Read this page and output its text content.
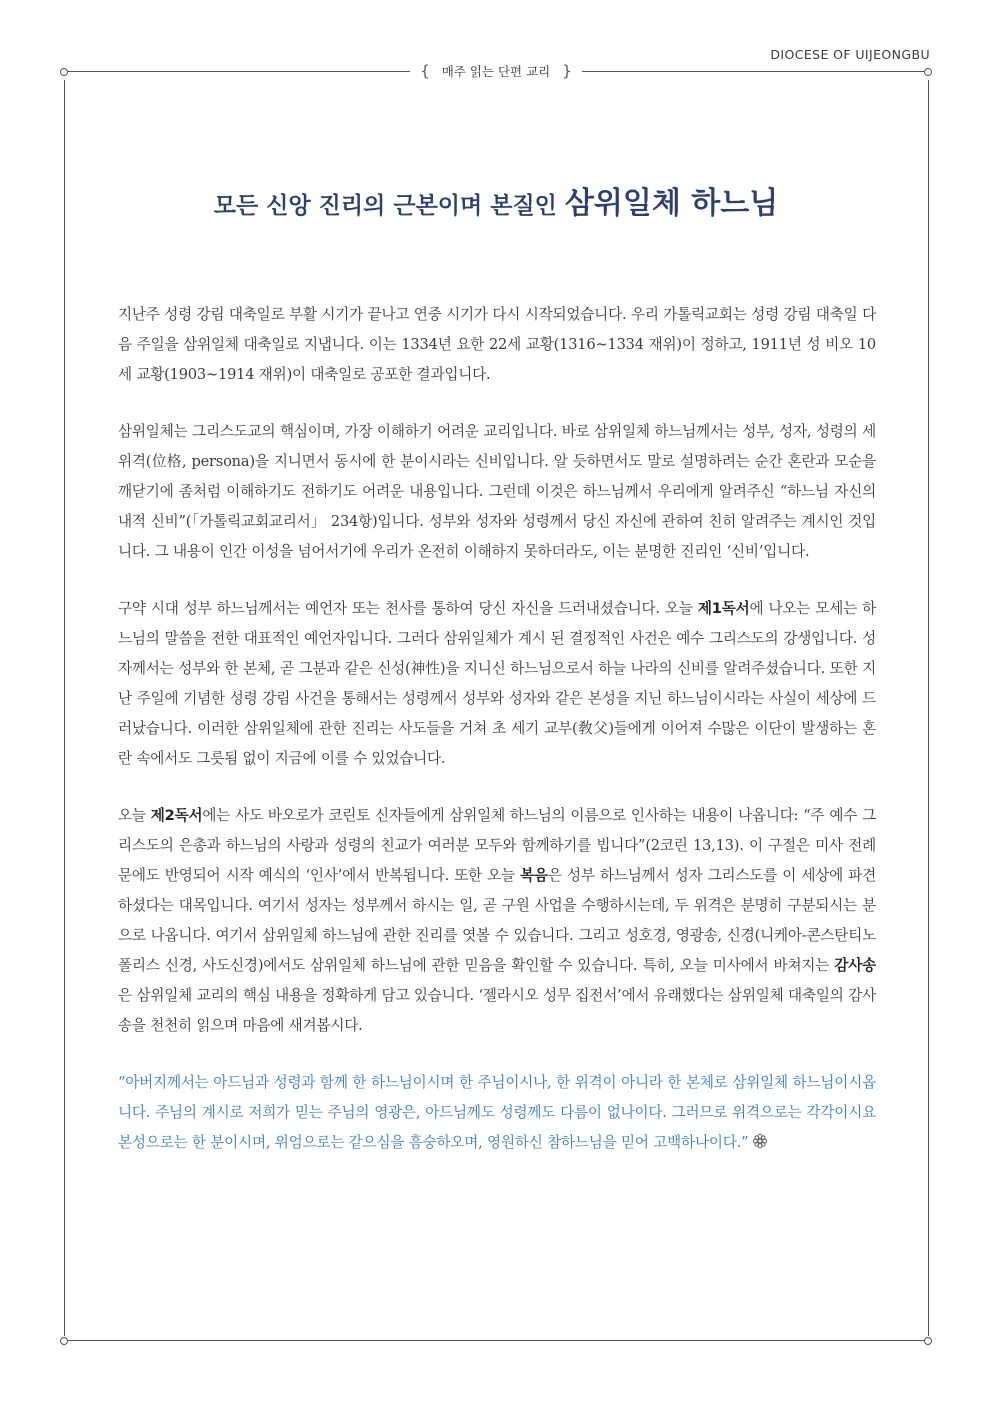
DIOCESE OF UIJEONGBU
{ 매주 읽는 단편 교리 }
모든 신앙 진리의 근본이며 본질인 삼위일체 하느님

지난주 성령 강림 대축일로 부활 시기가 끝나고 연중 시기가 다시 시작되었습니다. 우리 가톨릭교회는 성령 강림 대축일 다음 주일을 삼위일체 대축일로 지냅니다. 이는 1334년 요한 22세 교황(1316~1334 재위)이 정하고, 1911년 성 비오 10세 교황(1903~1914 재위)이 대축일로 공포한 결과입니다.

삼위일체는 그리스도교의 핵심이며, 가장 이해하기 어려운 교리입니다. 바로 삼위일체 하느님께서는 성부, 성자, 성령의 세 위격(位格, persona)을 지니면서 동시에 한 분이시라는 신비입니다. 알 듯하면서도 말로 설명하려는 순간 혼란과 모순을 깨닫기에 좀처럼 이해하기도 전하기도 어려운 내용입니다. 그런데 이것은 하느님께서 우리에게 알려주신 “하느님 자신의 내적 신비”(「가톨릭교회교리서」 234항)입니다. 성부와 성자와 성령께서 당신 자신에 관하여 친히 알려주는 계시인 것입니다. 그 내용이 인간 이성을 넘어서기에 우리가 온전히 이해하지 못하더라도, 이는 분명한 진리인 ‘신비’입니다.

구약 시대 성부 하느님께서는 예언자 또는 천사를 통하여 당신 자신을 드러내셨습니다. 오늘 제1독서에 나오는 모세는 하느님의 말씀을 전한 대표적인 예언자입니다. 그러다 삼위일체가 계시 된 결정적인 사건은 예수 그리스도의 강생입니다. 성자께서는 성부와 한 본체, 곧 그분과 같은 신성(神性)을 지니신 하느님으로서 하늘 나라의 신비를 알려주셨습니다. 또한 지난 주일에 기념한 성령 강림 사건을 통해서는 성령께서 성부와 성자와 같은 본성을 지닌 하느님이시라는 사실이 세상에 드러났습니다. 이러한 삼위일체에 관한 진리는 사도들을 거쳐 초 세기 교부(敎父)들에게 이어져 수많은 이단이 발생하는 혼란 속에서도 그릇됨 없이 지금에 이를 수 있었습니다.

오늘 제2독서에는 사도 바오로가 코린토 신자들에게 삼위일체 하느님의 이름으로 인사하는 내용이 나옵니다: “주 예수 그리스도의 은총과 하느님의 사랑과 성령의 친교가 여러분 모두와 함께하기를 빕니다”(2코린 13,13). 이 구절은 미사 전례문에도 반영되어 시작 예식의 ‘인사’에서 반복됩니다. 또한 오늘 복음은 성부 하느님께서 성자 그리스도를 이 세상에 파견하셨다는 대목입니다. 여기서 성자는 성부께서 하시는 일, 곧 구원 사업을 수행하시는데, 두 위격은 분명히 구분되시는 분으로 나옵니다. 여기서 삼위일체 하느님에 관한 진리를 엿볼 수 있습니다. 그리고 성호경, 영광송, 신경(니케아-콘스탄티노폴리스 신경, 사도신경)에서도 삼위일체 하느님에 관한 믿음을 확인할 수 있습니다. 특히, 오늘 미사에서 바쳐지는 감사송은 삼위일체 교리의 핵심 내용을 정확하게 담고 있습니다. ‘젤라시오 성무 집전서’에서 유래했다는 삼위일체 대축일의 감사송을 천천히 읽으며 마음에 새겨봅시다.

“아버지께서는 아드님과 성령과 함께 한 하느님이시며 한 주님이시나, 한 위격이 아니라 한 본체로 삼위일체 하느님이시옵니다. 주님의 계시로 저희가 믿는 주님의 영광은, 아드님께도 성령께도 다름이 없나이다. 그러므로 위격으로는 각각이시요 본성으로는 한 분이시며, 위엄으로는 같으심을 흠숭하오며, 영원하신 참하느님을 믿어 고백하나이다.”
